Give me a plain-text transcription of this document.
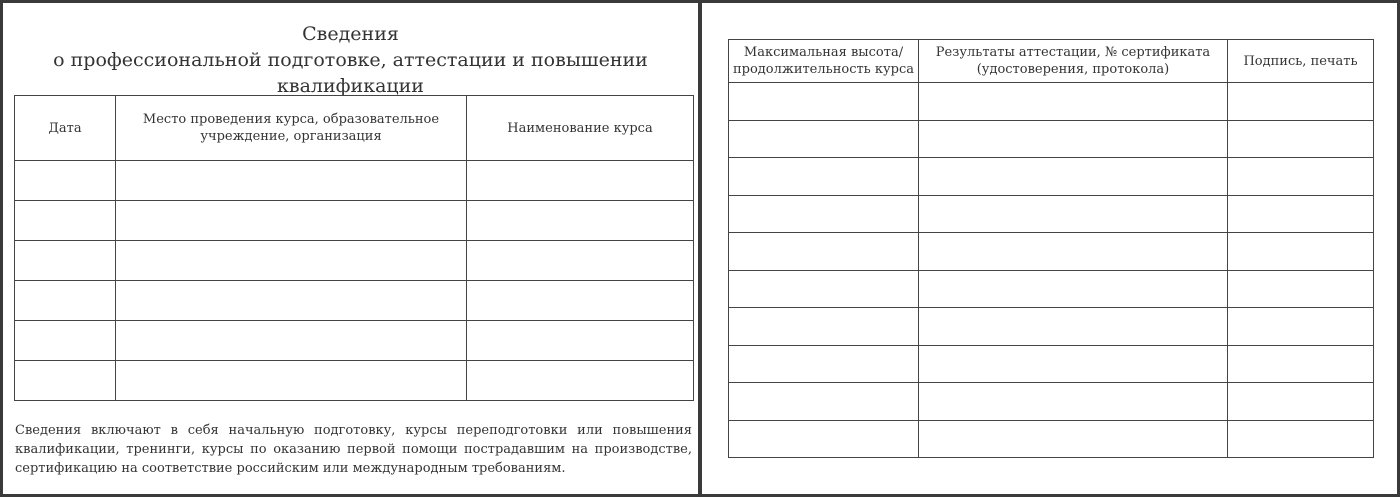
Сведения
о профессиональной подготовке, аттестации и повышении квалификации
Дата	Место проведения курса, образовательное учреждение, организация	Наименование курса

Сведения включают в себя начальную подготовку, курсы переподготовки или повышения квалификации, тренинги, курсы по оказанию первой помощи пострадавшим на производстве, сертификацию на соответствие российским или международным требованиям.
Максимальная высота/ продолжительность курса	Результаты аттестации, № сертификата (удостоверения, протокола)	Подпись, печать
